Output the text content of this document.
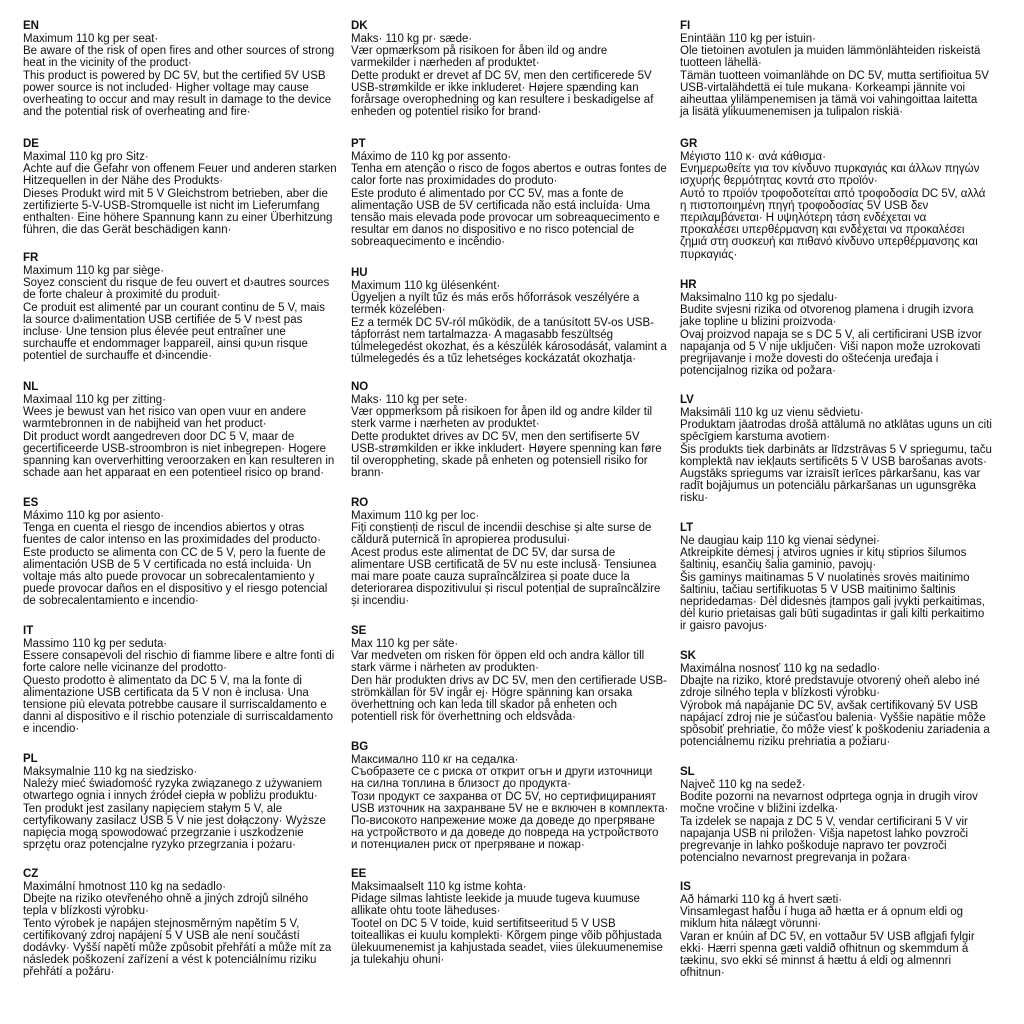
EN
Maximum 110 kg per seat·
Be aware of the risk of open fires and other sources of strong
heat in the vicinity of the product·
This product is powered by DC 5V, but the certified 5V USB
power source is not included· Higher voltage may cause
overheating to occur and may result in damage to the device
and the potential risk of overheating and fire·
DE
Maximal 110 kg pro Sitz·
Achte auf die Gefahr von offenem Feuer und anderen starken
Hitzequellen in der Nähe des Produkts·
Dieses Produkt wird mit 5 V Gleichstrom betrieben, aber die
zertifizierte 5-V-USB-Stromquelle ist nicht im Lieferumfang
enthalten· Eine höhere Spannung kann zu einer Überhitzung
führen, die das Gerät beschädigen kann·
FR
Maximum 110 kg par siège·
Soyez conscient du risque de feu ouvert et d›autres sources
de forte chaleur à proximité du produit·
Ce produit est alimenté par un courant continu de 5 V, mais
la source d›alimentation USB certifiée de 5 V n›est pas
incluse· Une tension plus élevée peut entraîner une
surchauffe et endommager l›appareil, ainsi qu›un risque
potentiel de surchauffe et d›incendie·
NL
Maximaal 110 kg per zitting·
Wees je bewust van het risico van open vuur en andere
warmtebronnen in de nabijheid van het product·
Dit product wordt aangedreven door DC 5 V, maar de
gecertificeerde USB-stroombron is niet inbegrepen· Hogere
spanning kan oververhitting veroorzaken en kan resulteren in
schade aan het apparaat en een potentieel risico op brand·
ES
Máximo 110 kg por asiento·
Tenga en cuenta el riesgo de incendios abiertos y otras
fuentes de calor intenso en las proximidades del producto·
Este producto se alimenta con CC de 5 V, pero la fuente de
alimentación USB de 5 V certificada no está incluida· Un
voltaje más alto puede provocar un sobrecalentamiento y
puede provocar daños en el dispositivo y el riesgo potencial
de sobrecalentamiento e incendio·
IT
Massimo 110 kg per seduta·
Essere consapevoli del rischio di fiamme libere e altre fonti di
forte calore nelle vicinanze del prodotto·
Questo prodotto è alimentato da DC 5 V, ma la fonte di
alimentazione USB certificata da 5 V non è inclusa· Una
tensione più elevata potrebbe causare il surriscaldamento e
danni al dispositivo e il rischio potenziale di surriscaldamento
e incendio·
PL
Maksymalnie 110 kg na siedzisko·
Należy mieć świadomość ryzyka związanego z używaniem
otwartego ognia i innych źródeł ciepła w pobliżu produktu·
Ten produkt jest zasilany napięciem stałym 5 V, ale
certyfikowany zasilacz USB 5 V nie jest dołączony· Wyższe
napięcia mogą spowodować przegrzanie i uszkodzenie
sprzętu oraz potencjalne ryzyko przegrzania i pożaru·
CZ
Maximální hmotnost 110 kg na sedadlo·
Dbejte na riziko otevřeného ohně a jiných zdrojů silného
tepla v blízkosti výrobku·
Tento výrobek je napájen stejnosměrným napětím 5 V,
certifikovaný zdroj napájení 5 V USB ale není součástí
dodávky· Vyšší napětí může způsobit přehřátí a může mít za
následek poškození zařízení a vést k potenciálnímu riziku
přehřátí a požáru·
DK
Maks· 110 kg pr· sæde·
Vær opmærksom på risikoen for åben ild og andre
varmekilder i nærheden af produktet·
Dette produkt er drevet af DC 5V, men den certificerede 5V
USB-strømkilde er ikke inkluderet· Højere spænding kan
forårsage overophedning og kan resultere i beskadigelse af
enheden og potentiel risiko for brand·
PT
Máximo de 110 kg por assento·
Tenha em atenção o risco de fogos abertos e outras fontes de
calor forte nas proximidades do produto·
Este produto é alimentado por CC 5V, mas a fonte de
alimentação USB de 5V certificada não está incluída· Uma
tensão mais elevada pode provocar um sobreaquecimento e
resultar em danos no dispositivo e no risco potencial de
sobreaquecimento e incêndio·
HU
Maximum 110 kg ülésenként·
Ügyeljen a nyílt tűz és más erős hőforrások veszélyére a
termék közelében·
Ez a termék DC 5V-ról működik, de a tanúsított 5V-os USB-
tápforrást nem tartalmazza· A magasabb feszültség
túlmelegedést okozhat, és a készülék károsodását, valamint a
túlmelegedés és a tűz lehetséges kockázatát okozhatja·
NO
Maks· 110 kg per sete·
Vær oppmerksom på risikoen for åpen ild og andre kilder til
sterk varme i nærheten av produktet·
Dette produktet drives av DC 5V, men den sertifiserte 5V
USB-strømkilden er ikke inkludert· Høyere spenning kan føre
til overoppheting, skade på enheten og potensiell risiko for
brann·
RO
Maximum 110 kg per loc·
Fiți conștienți de riscul de incendii deschise și alte surse de
căldură puternică în apropierea produsului·
Acest produs este alimentat de DC 5V, dar sursa de
alimentare USB certificată de 5V nu este inclusă· Tensiunea
mai mare poate cauza supraîncălzirea și poate duce la
deteriorarea dispozitivului și riscul potențial de supraîncălzire
și incendiu·
SE
Max 110 kg per säte·
Var medveten om risken för öppen eld och andra källor till
stark värme i närheten av produkten·
Den här produkten drivs av DC 5V, men den certifierade USB-
strömkällan för 5V ingår ej· Högre spänning kan orsaka
överhettning och kan leda till skador på enheten och
potentiell risk för överhettning och eldsvåda·
BG
Максимално 110 кг на седалка·
Съобразете се с риска от открит огън и други източници
на силна топлина в близост до продукта·
Този продукт се захранва от DC 5V, но сертифицираният
USB източник на захранване 5V не е включен в комплекта·
По-високото напрежение може да доведе до прегряване
на устройството и да доведе до повреда на устройството
и потенциален риск от прегряване и пожар·
EE
Maksimaalselt 110 kg istme kohta·
Pidage silmas lahtiste leekide ja muude tugeva kuumuse
allikate ohtu toote läheduses·
Tootel on DC 5 V toide, kuid sertifitseeritud 5 V USB
toiteallikas ei kuulu komplekti· Kõrgem pinge võib põhjustada
ülekuumenemist ja kahjustada seadet, viies ülekuumenemise
ja tulekahju ohuni·
FI
Enintään 110 kg per istuin·
Ole tietoinen avotulen ja muiden lämmönlähteiden riskeistä
tuotteen lähellä·
Tämän tuotteen voimanlähde on DC 5V, mutta sertifioitua 5V
USB-virtalähdettä ei tule mukana· Korkeampi jännite voi
aiheuttaa ylilämpenemisen ja tämä voi vahingoittaa laitetta
ja lisätä ylikuumenemisen ja tulipalon riskiä·
GR
Μέγιστο 110 κ· ανά κάθισμα·
Ενημερωθείτε για τον κίνδυνο πυρκαγιάς και άλλων πηγών
ισχυρής θερμότητας κοντά στο προϊόν·
Αυτό το προϊόν τροφοδοτείται από τροφοδοσία DC 5V, αλλά
η πιστοποιημένη πηγή τροφοδοσίας 5V USB δεν
περιλαμβάνεται· Η υψηλότερη τάση ενδέχεται να
προκαλέσει υπερθέρμανση και ενδέχεται να προκαλέσει
ζημιά στη συσκευή και πιθανό κίνδυνο υπερθέρμανσης και
πυρκαγιάς·
HR
Maksimalno 110 kg po sjedalu·
Budite svjesni rizika od otvorenog plamena i drugih izvora
jake topline u blizini proizvoda·
Ovaj proizvod napaja se s DC 5 V, ali certificirani USB izvor
napajanja od 5 V nije uključen· Viši napon može uzrokovati
pregrijavanje i može dovesti do oštećenja uređaja i
potencijalnog rizika od požara·
LV
Maksimāli 110 kg uz vienu sēdvietu·
Produktam jāatrodas drošā attālumā no atklātas uguns un citi
spēcīgiem karstuma avotiem·
Šis produkts tiek darbināts ar līdzstrāvas 5 V spriegumu, taču
komplektā nav iekļauts sertificēts 5 V USB barošanas avots·
Augstāks spriegums var izraisīt ierīces pārkaršanu, kas var
radīt bojājumus un potenciālu pārkaršanas un ugunsgrēka
risku·
LT
Ne daugiau kaip 110 kg vienai sėdynei·
Atkreipkite dėmesį į atviros ugnies ir kitų stiprios šilumos
šaltinių, esančių šalia gaminio, pavojų·
Šis gaminys maitinamas 5 V nuolatinės srovės maitinimo
šaltiniu, tačiau sertifikuotas 5 V USB maitinimo šaltinis
nepridedamas· Dėl didesnės įtampos gali įvykti perkaitimas,
dėl kurio prietaisas gali būti sugadintas ir gali kilti perkaitimo
ir gaisro pavojus·
SK
Maximálna nosnosť 110 kg na sedadlo·
Dbajte na riziko, ktoré predstavuje otvorený oheň alebo iné
zdroje silného tepla v blízkosti výrobku·
Výrobok má napájanie DC 5V, avšak certifikovaný 5V USB
napájací zdroj nie je súčasťou balenia· Vyššie napätie môže
spôsobiť prehriatie, čo môže viesť k poškodeniu zariadenia a
potenciálnemu riziku prehriatia a požiaru·
SL
Največ 110 kg na sedež·
Bodite pozorni na nevarnost odprtega ognja in drugih virov
močne vročine v bližini izdelka·
Ta izdelek se napaja z DC 5 V, vendar certificirani 5 V vir
napajanja USB ni priložen· Višja napetost lahko povzroči
pregrevanje in lahko poškoduje napravo ter povzroči
potencialno nevarnost pregrevanja in požara·
IS
Að hámarki 110 kg á hvert sæti·
Vinsamlegast hafðu í huga að hætta er á opnum eldi og
miklum hita nálægt vörunni·
Varan er knúin af DC 5V, en vottaður 5V USB aflgjafi fylgir
ekki· Hærri spenna gæti valdið ofhitnun og skemmdum á
tækinu, svo ekki sé minnst á hættu á eldi og almennri
ofhitnun·
